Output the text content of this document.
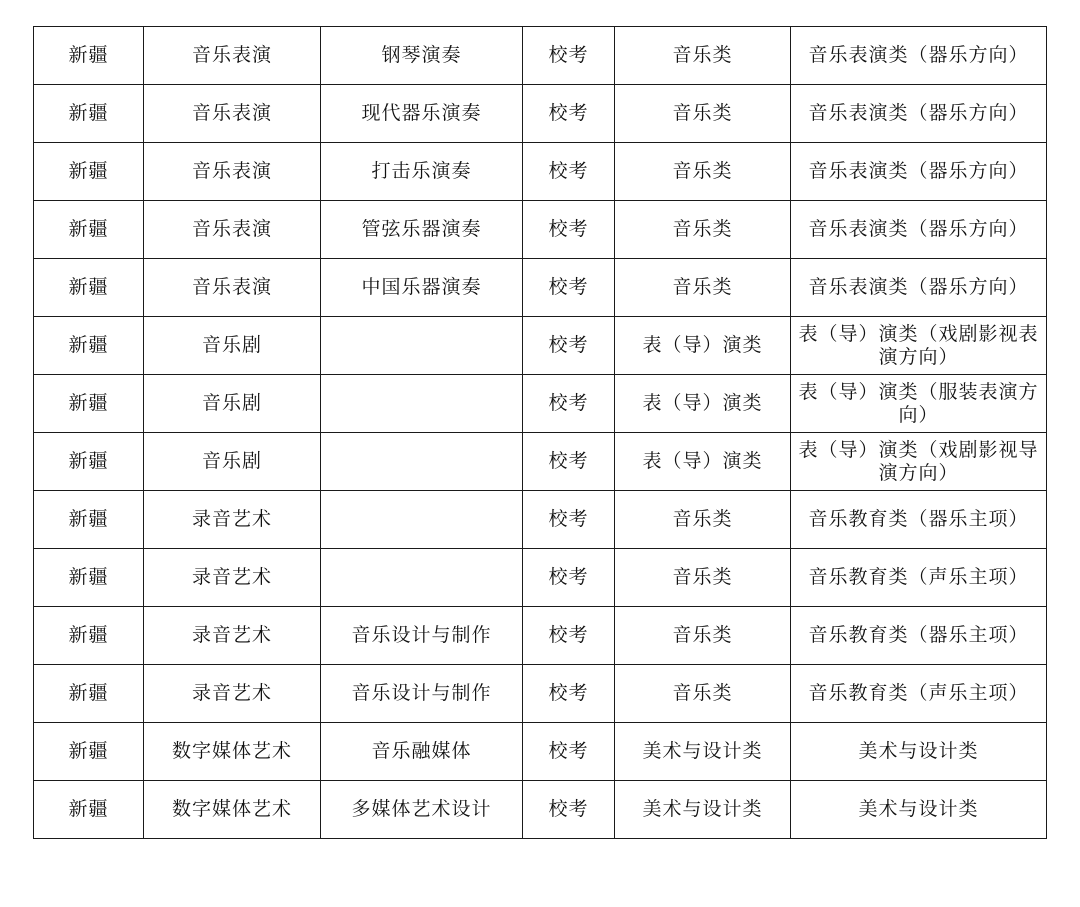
新疆	音乐表演	钢琴演奏	校考	音乐类	音乐表演类（器乐方向）
新疆	音乐表演	现代器乐演奏	校考	音乐类	音乐表演类（器乐方向）
新疆	音乐表演	打击乐演奏	校考	音乐类	音乐表演类（器乐方向）
新疆	音乐表演	管弦乐器演奏	校考	音乐类	音乐表演类（器乐方向）
新疆	音乐表演	中国乐器演奏	校考	音乐类	音乐表演类（器乐方向）
新疆	音乐剧		校考	表（导）演类	表（导）演类（戏剧影视表演方向）
新疆	音乐剧		校考	表（导）演类	表（导）演类（服装表演方向）
新疆	音乐剧		校考	表（导）演类	表（导）演类（戏剧影视导演方向）
新疆	录音艺术		校考	音乐类	音乐教育类（器乐主项）
新疆	录音艺术		校考	音乐类	音乐教育类（声乐主项）
新疆	录音艺术	音乐设计与制作	校考	音乐类	音乐教育类（器乐主项）
新疆	录音艺术	音乐设计与制作	校考	音乐类	音乐教育类（声乐主项）
新疆	数字媒体艺术	音乐融媒体	校考	美术与设计类	美术与设计类
新疆	数字媒体艺术	多媒体艺术设计	校考	美术与设计类	美术与设计类
